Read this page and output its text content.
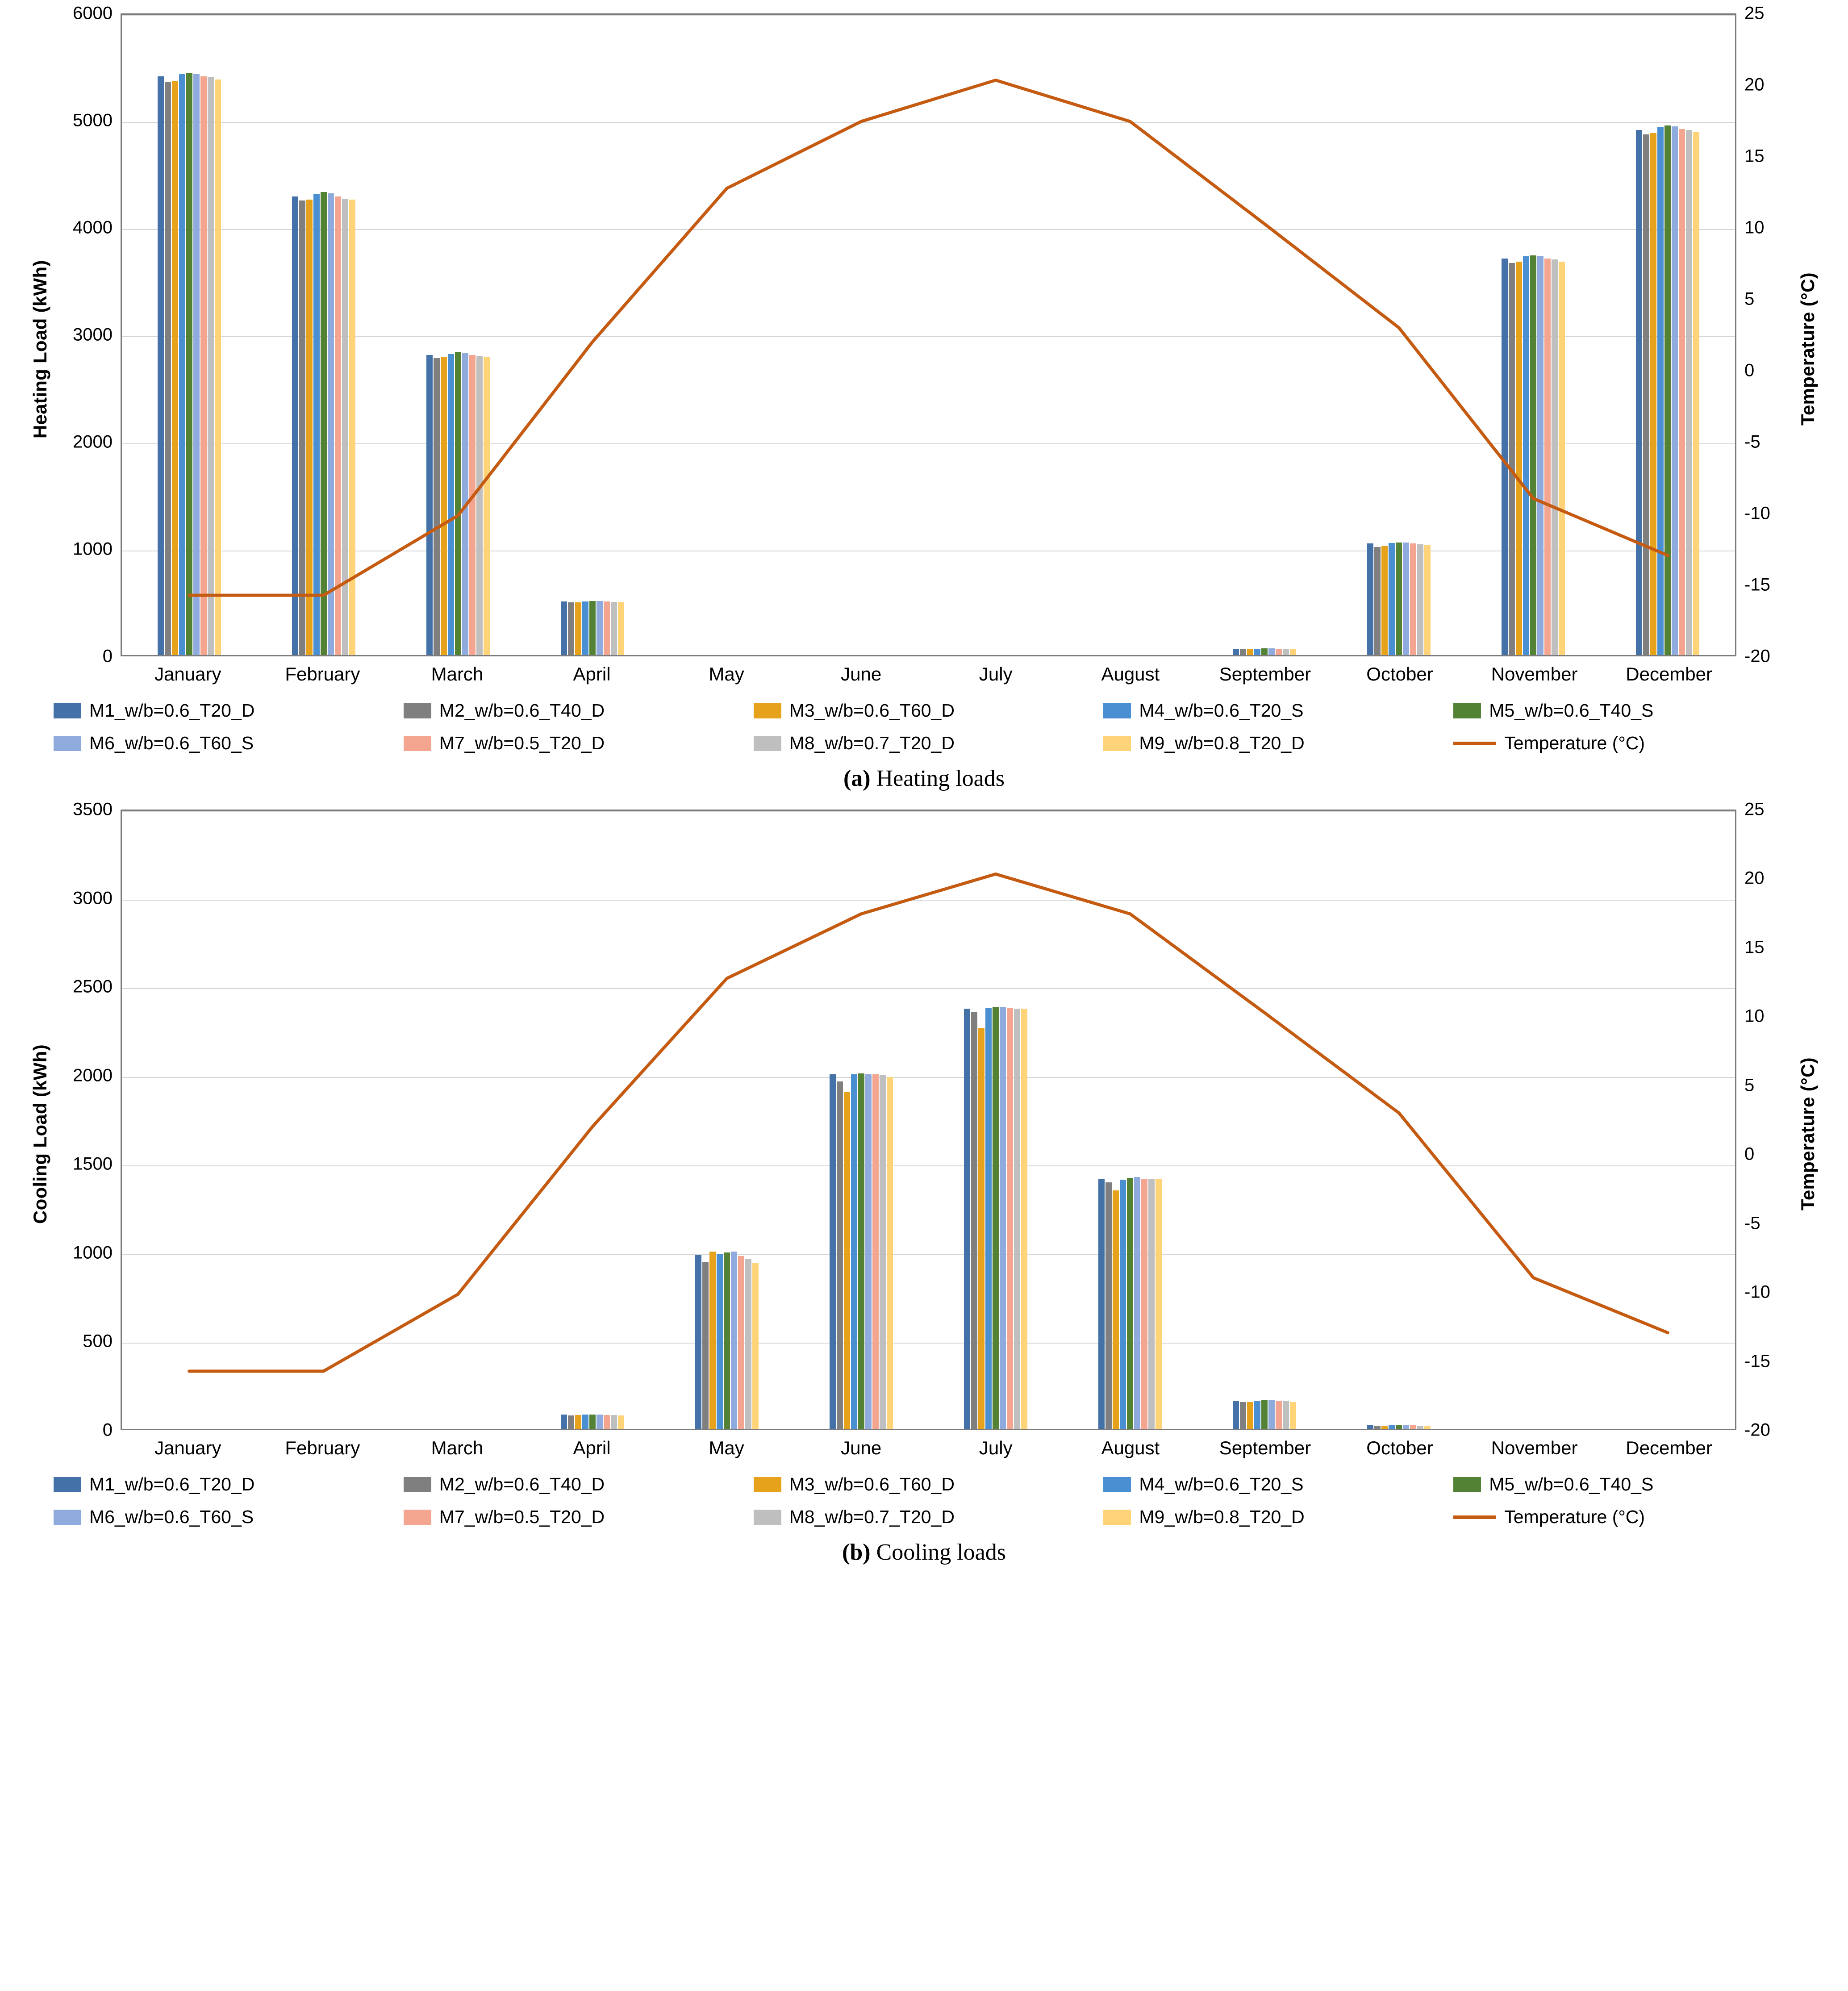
Heating Load (kWh)
0
1000
2000
3000
4000
5000
6000
January	February	March	April	May	June	July	August	September	October	November	December
-20
-15
-10
-5
0
5
10
15
20
25
Temperature (°C)
M1_w/b=0.6_T20_D	M2_w/b=0.6_T40_D	M3_w/b=0.6_T60_D	M4_w/b=0.6_T20_S	M5_w/b=0.6_T40_S
M6_w/b=0.6_T60_S	M7_w/b=0.5_T20_D	M8_w/b=0.7_T20_D	M9_w/b=0.8_T20_D	Temperature (°C)
(a) Heating loads
Cooling Load (kWh)
0
500
1000
1500
2000
2500
3000
3500
January	February	March	April	May	June	July	August	September	October	November	December
-20
-15
-10
-5
0
5
10
15
20
25
Temperature (°C)
M1_w/b=0.6_T20_D	M2_w/b=0.6_T40_D	M3_w/b=0.6_T60_D	M4_w/b=0.6_T20_S	M5_w/b=0.6_T40_S
M6_w/b=0.6_T60_S	M7_w/b=0.5_T20_D	M8_w/b=0.7_T20_D	M9_w/b=0.8_T20_D	Temperature (°C)
(b) Cooling loads
